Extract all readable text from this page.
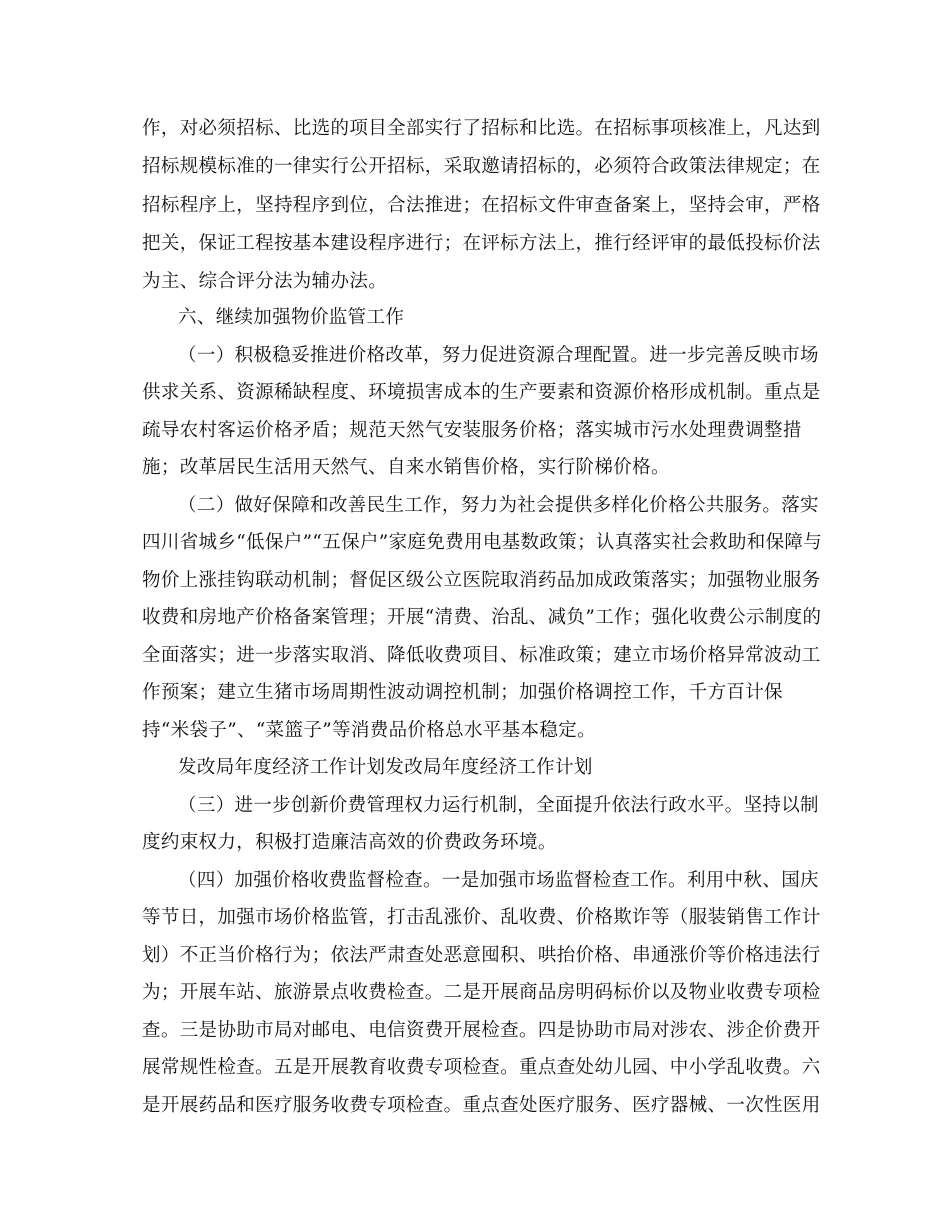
作，对必须招标、比选的项目全部实行了招标和比选。在招标事项核准上，凡达到
招标规模标准的一律实行公开招标，采取邀请招标的，必须符合政策法律规定；在
招标程序上，坚持程序到位，合法推进；在招标文件审查备案上，坚持会审，严格
把关，保证工程按基本建设程序进行；在评标方法上，推行经评审的最低投标价法
为主、综合评分法为辅办法。
六、继续加强物价监管工作
（一）积极稳妥推进价格改革，努力促进资源合理配置。进一步完善反映市场
供求关系、资源稀缺程度、环境损害成本的生产要素和资源价格形成机制。重点是
疏导农村客运价格矛盾；规范天然气安装服务价格；落实城市污水处理费调整措
施；改革居民生活用天然气、自来水销售价格，实行阶梯价格。
（二）做好保障和改善民生工作，努力为社会提供多样化价格公共服务。落实
四川省城乡“低保户”“五保户”家庭免费用电基数政策；认真落实社会救助和保障与
物价上涨挂钩联动机制；督促区级公立医院取消药品加成政策落实；加强物业服务
收费和房地产价格备案管理；开展“清费、治乱、减负”工作；强化收费公示制度的
全面落实；进一步落实取消、降低收费项目、标准政策；建立市场价格异常波动工
作预案；建立生猪市场周期性波动调控机制；加强价格调控工作，千方百计保
持“米袋子”、“菜篮子”等消费品价格总水平基本稳定。
发改局年度经济工作计划发改局年度经济工作计划
（三）进一步创新价费管理权力运行机制，全面提升依法行政水平。坚持以制
度约束权力，积极打造廉洁高效的价费政务环境。
（四）加强价格收费监督检查。一是加强市场监督检查工作。利用中秋、国庆
等节日，加强市场价格监管，打击乱涨价、乱收费、价格欺诈等（服装销售工作计
划）不正当价格行为；依法严肃查处恶意囤积、哄抬价格、串通涨价等价格违法行
为；开展车站、旅游景点收费检查。二是开展商品房明码标价以及物业收费专项检
查。三是协助市局对邮电、电信资费开展检查。四是协助市局对涉农、涉企价费开
展常规性检查。五是开展教育收费专项检查。重点查处幼儿园、中小学乱收费。六
是开展药品和医疗服务收费专项检查。重点查处医疗服务、医疗器械、一次性医用
